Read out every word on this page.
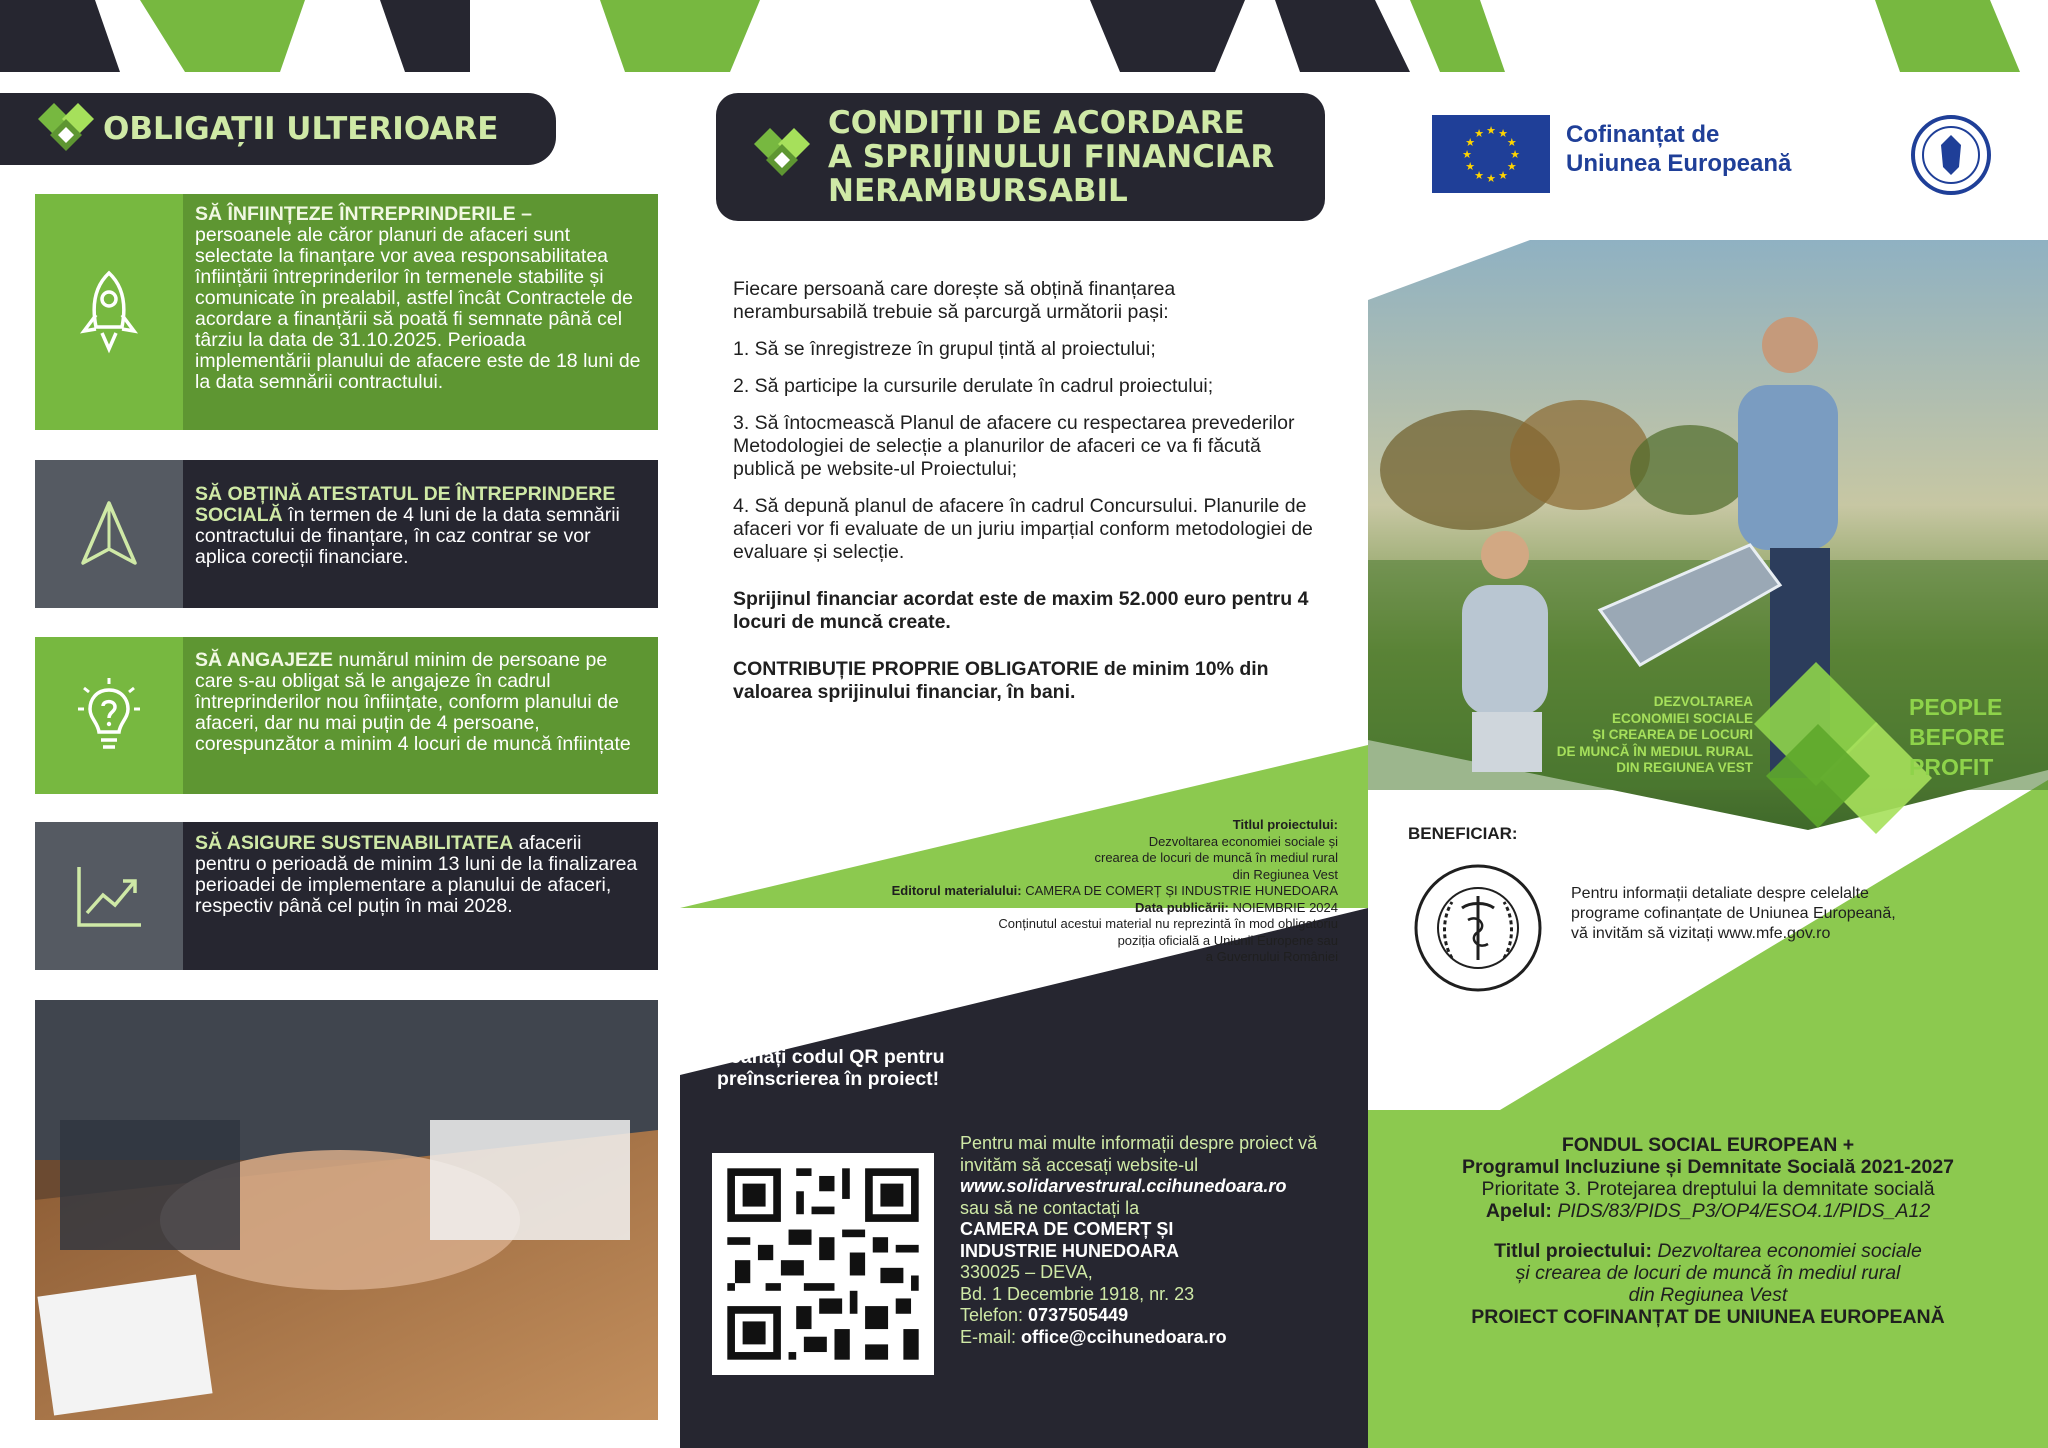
OBLIGAȚII ULTERIOARE
SĂ ÎNFIINȚEZE ÎNTREPRINDERILE –
persoanele ale căror planuri de afaceri sunt selectate la finanțare vor avea responsabilitatea înființării întreprinderilor în termenele stabilite și comunicate în prealabil, astfel încât Contractele de acordare a finanțării să poată fi semnate până cel târziu la data de 31.10.2025. Perioada implementării planului de afacere este de 18 luni de la data semnării contractului.
SĂ OBȚINĂ ATESTATUL DE ÎNTREPRINDERE SOCIALĂ în termen de 4 luni de la data semnării contractului de finanțare, în caz contrar se vor aplica corecții financiare.
SĂ ANGAJEZE numărul minim de persoane pe care s-au obligat să le angajeze în cadrul întreprinderilor nou înființate, conform planului de afaceri, dar nu mai puțin de 4 persoane, corespunzător a minim 4 locuri de muncă înființate
SĂ ASIGURE SUSTENABILITATEA afacerii pentru o perioadă de minim 13 luni de la finalizarea perioadei de implementare a planului de afaceri, respectiv până cel puțin în mai 2028.
CONDIȚII DE ACORDARE
A SPRIJINULUI FINANCIAR
NERAMBURSABIL

Fiecare persoană care dorește să obțină finanțarea nerambursabilă trebuie să parcurgă următorii pași:

1. Să se înregistreze în grupul țintă al proiectului;

2. Să participe la cursurile derulate în cadrul proiectului;

3. Să întocmească Planul de afacere cu respectarea prevederilor Metodologiei de selecție a planurilor de afaceri ce va fi făcută publică pe website-ul Proiectului;

4. Să depună planul de afacere în cadrul Concursului. Planurile de afaceri vor fi evaluate de un juriu imparțial conform metodologiei de evaluare și selecție.

Sprijinul financiar acordat este de maxim 52.000 euro pentru 4 locuri de muncă create.

CONTRIBUȚIE PROPRIE OBLIGATORIE de minim 10% din valoarea sprijinului financiar, în bani.

Titlul proiectului:
Dezvoltarea economiei sociale și
crearea de locuri de muncă în mediul rural
din Regiunea Vest
Editorul materialului: CAMERA DE COMERȚ ȘI INDUSTRIE HUNEDOARA
Data publicării: NOIEMBRIE 2024
Conținutul acestui material nu reprezintă în mod obligatoriu
poziția oficială a Uniunii Europene sau
a Guvernului României
Scanați codul QR pentru preînscrierea în proiect!
Pentru mai multe informații despre proiect vă invităm să accesați website-ul
www.solidarvestrural.ccihunedoara.ro
sau să ne contactați la
CAMERA DE COMERȚ ȘI
INDUSTRIE HUNEDOARA
330025 – DEVA,
Bd. 1 Decembrie 1918, nr. 23
Telefon: 0737505449
E-mail: office@ccihunedoara.ro
★ ★
★
★
★
★
★
★
★
★
★
★	Cofinanțat de
Uniunea Europeană
DEZVOLTAREA
ECONOMIEI SOCIALE
ȘI CREAREA DE LOCURI
DE MUNCĂ ÎN MEDIUL RURAL
DIN REGIUNEA VEST
PEOPLE
BEFORE
PROFIT
BENEFICIAR:
Pentru informații detaliate despre celelalte programe cofinanțate de Uniunea Europeană, vă invităm să vizitați www.mfe.gov.ro
FONDUL SOCIAL EUROPEAN +
Programul Incluziune și Demnitate Socială 2021-2027
Prioritate 3. Protejarea dreptului la demnitate socială
Apelul: PIDS/83/PIDS_P3/OP4/ESO4.1/PIDS_A12
Titlul proiectului: Dezvoltarea economiei sociale
și crearea de locuri de muncă în mediul rural
din Regiunea Vest
PROIECT COFINANȚAT DE UNIUNEA EUROPEANĂ
